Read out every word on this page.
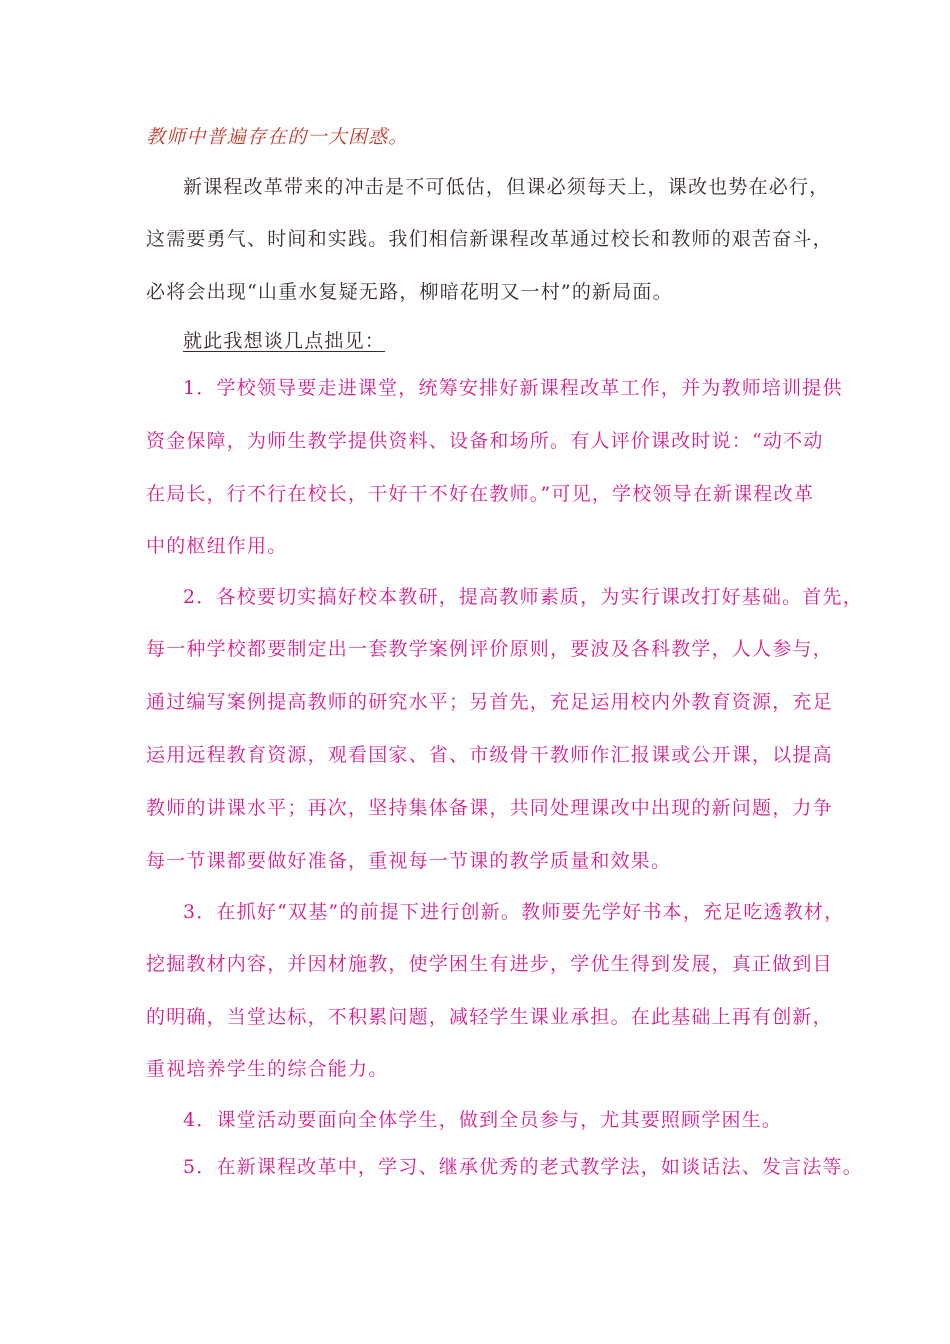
教师中普遍存在的一大困惑。
新课程改革带来的冲击是不可低估，但课必须每天上，课改也势在必行，
这需要勇气、时间和实践。我们相信新课程改革通过校长和教师的艰苦奋斗，
必将会出现“山重水复疑无路，柳暗花明又一村”的新局面。
就此我想谈几点拙见：
1．学校领导要走进课堂，统筹安排好新课程改革工作，并为教师培训提供
资金保障，为师生教学提供资料、设备和场所。有人评价课改时说：“动不动
在局长，行不行在校长，干好干不好在教师。”可见，学校领导在新课程改革
中的枢纽作用。
2．各校要切实搞好校本教研，提高教师素质，为实行课改打好基础。首先，
每一种学校都要制定出一套教学案例评价原则，要波及各科教学，人人参与，
通过编写案例提高教师的研究水平；另首先，充足运用校内外教育资源，充足
运用远程教育资源，观看国家、省、市级骨干教师作汇报课或公开课，以提高
教师的讲课水平；再次，坚持集体备课，共同处理课改中出现的新问题，力争
每一节课都要做好准备，重视每一节课的教学质量和效果。
3．在抓好“双基”的前提下进行创新。教师要先学好书本，充足吃透教材，
挖掘教材内容，并因材施教，使学困生有进步，学优生得到发展，真正做到目
的明确，当堂达标，不积累问题，减轻学生课业承担。在此基础上再有创新，
重视培养学生的综合能力。
4．课堂活动要面向全体学生，做到全员参与，尤其要照顾学困生。
5．在新课程改革中，学习、继承优秀的老式教学法，如谈话法、发言法等。
